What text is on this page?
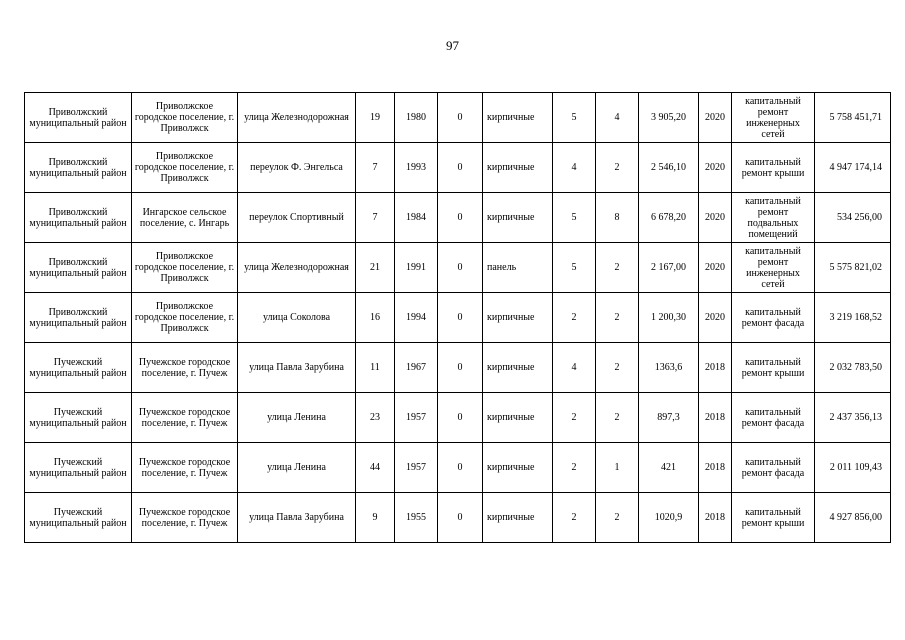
97
Приволжский муниципальный район	Приволжское городское поселение, г. Приволжск	улица Железнодорожная	19	1980	0	кирпичные	5	4	3 905,20	2020	капитальный ремонт инженерных сетей	5 758 451,71
Приволжский муниципальный район	Приволжское городское поселение, г. Приволжск	переулок Ф. Энгельса	7	1993	0	кирпичные	4	2	2 546,10	2020	капитальный ремонт крыши	4 947 174,14
Приволжский муниципальный район	Ингарское сельское поселение, с. Ингарь	переулок Спортивный	7	1984	0	кирпичные	5	8	6 678,20	2020	капитальный ремонт подвальных помещений	534 256,00
Приволжский муниципальный район	Приволжское городское поселение, г. Приволжск	улица Железнодорожная	21	1991	0	панель	5	2	2 167,00	2020	капитальный ремонт инженерных сетей	5 575 821,02
Приволжский муниципальный район	Приволжское городское поселение, г. Приволжск	улица Соколова	16	1994	0	кирпичные	2	2	1 200,30	2020	капитальный ремонт фасада	3 219 168,52
Пучежский муниципальный район	Пучежское городское поселение, г. Пучеж	улица Павла Зарубина	11	1967	0	кирпичные	4	2	1363,6	2018	капитальный ремонт крыши	2 032 783,50
Пучежский муниципальный район	Пучежское городское поселение, г. Пучеж	улица Ленина	23	1957	0	кирпичные	2	2	897,3	2018	капитальный ремонт фасада	2 437 356,13
Пучежский муниципальный район	Пучежское городское поселение, г. Пучеж	улица Ленина	44	1957	0	кирпичные	2	1	421	2018	капитальный ремонт фасада	2 011 109,43
Пучежский муниципальный район	Пучежское городское поселение, г. Пучеж	улица Павла Зарубина	9	1955	0	кирпичные	2	2	1020,9	2018	капитальный ремонт крыши	4 927 856,00
